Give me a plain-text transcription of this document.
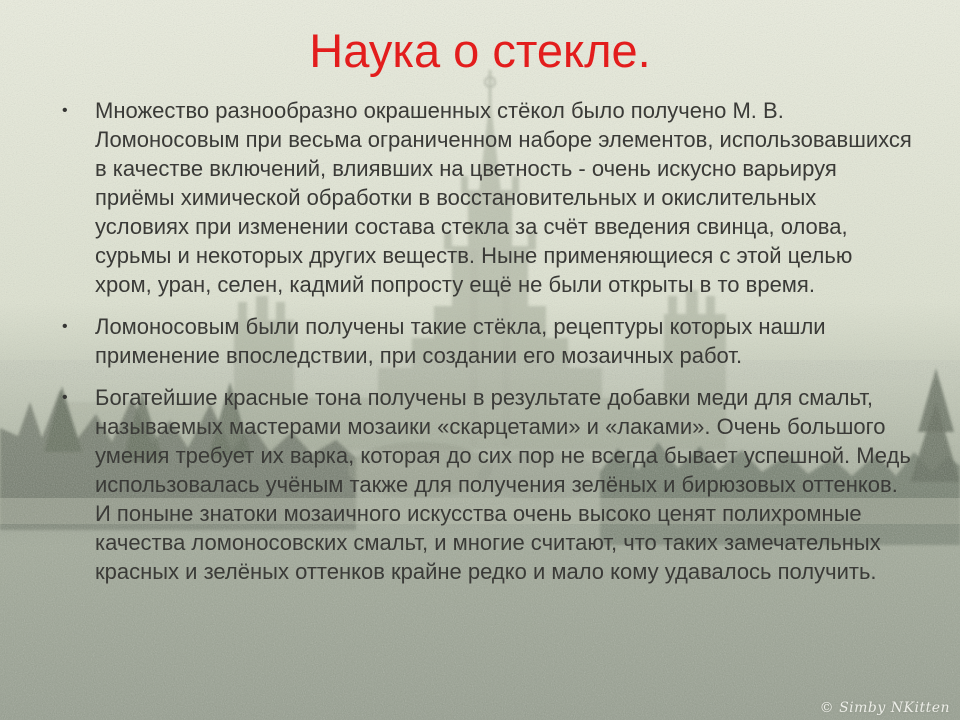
Наука о стекле.
• Множество разнообразно окрашенных стёкол было получено М. В. Ломоносовым при весьма ограниченном наборе элементов, использовавшихся в качестве включений, влиявших на цветность - очень искусно варьируя приёмы химической обработки в восстановительных и окислительных условиях при изменении состава стекла за счёт введения свинца, олова, сурьмы и некоторых других веществ. Ныне применяющиеся с этой целью хром, уран, селен, кадмий попросту ещё не были открыты в то время.
• Ломоносовым были получены такие стёкла, рецептуры которых нашли применение впоследствии, при создании его мозаичных работ.
• Богатейшие красные тона получены в результате добавки меди для смальт, называемых мастерами мозаики «скарцетами» и «лаками». Очень большого умения требует их варка, которая до сих пор не всегда бывает успешной. Медь использовалась учёным также для получения зелёных и бирюзовых оттенков. И поныне знатоки мозаичного искусства очень высоко ценят полихромные качества ломоносовских смальт, и многие считают, что таких замечательных красных и зелёных оттенков крайне редко и мало кому удавалось получить.
© Simby NKitten
